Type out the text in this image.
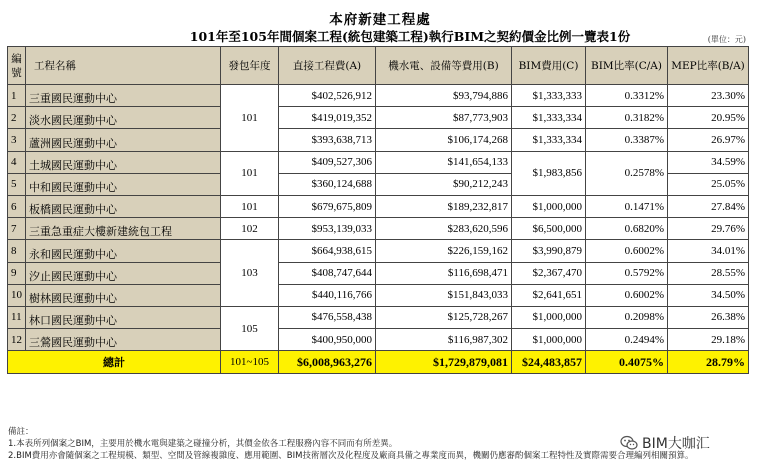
本府新建工程處
101年至105年間個案工程(統包建築工程)執行BIM之契約價金比例一覽表1份	(單位：元)
編號	工程名稱	發包年度	直接工程費(A)	機水電、設備等費用(B)	BIM費用(C)	BIM比率(C/A)	MEP比率(B/A)
1	三重國民運動中心	101	$402,526,912	$93,794,886	$1,333,333	0.3312%	23.30%
2	淡水國民運動中心		$419,019,352	$87,773,903	$1,333,334	0.3182%	20.95%
3	蘆洲國民運動中心		$393,638,713	$106,174,268	$1,333,334	0.3387%	26.97%
4	土城國民運動中心	101	$409,527,306	$141,654,133	$1,983,856	0.2578%	34.59%
5	中和國民運動中心		$360,124,688	$90,212,243			25.05%
6	板橋國民運動中心	101	$679,675,809	$189,232,817	$1,000,000	0.1471%	27.84%
7	三重急重症大樓新建統包工程	102	$953,139,033	$283,620,596	$6,500,000	0.6820%	29.76%
8	永和國民運動中心	103	$664,938,615	$226,159,162	$3,990,879	0.6002%	34.01%
9	汐止國民運動中心		$408,747,644	$116,698,471	$2,367,470	0.5792%	28.55%
10	樹林國民運動中心		$440,116,766	$151,843,033	$2,641,651	0.6002%	34.50%
11	林口國民運動中心	105	$476,558,438	$125,728,267	$1,000,000	0.2098%	26.38%
12	三鶯國民運動中心		$400,950,000	$116,987,302	$1,000,000	0.2494%	29.18%
總計		101~105	$6,008,963,276	$1,729,879,081	$24,483,857	0.4075%	28.79%
備註：
1.本表所列個案之BIM，主要用於機水電與建築之碰撞分析，其價金依各工程服務內容不同而有所差異。
2.BIM費用亦會隨個案之工程規模、類型、空間及管線複雜度、應用範圍、BIM技術層次及化程度及廠商具備之專業度而異，機關仍應審酌個案工程特性及實際需要合理編列相關預算。
BIM大咖汇
